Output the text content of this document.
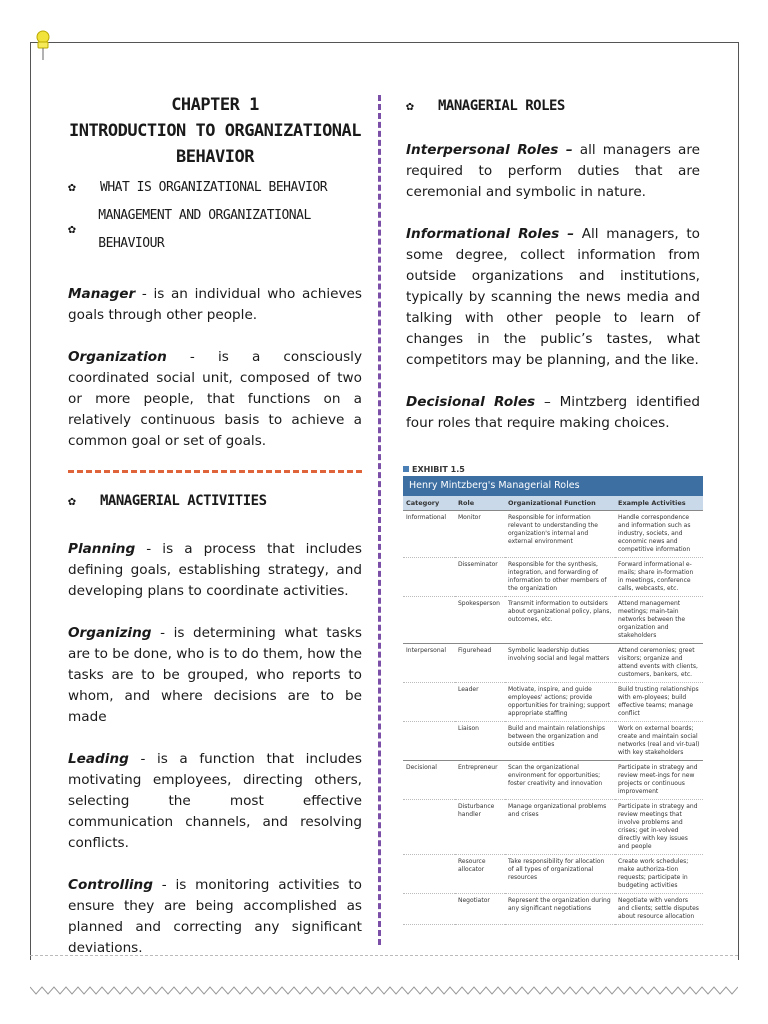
CHAPTER 1
INTRODUCTION TO ORGANIZATIONAL
BEHAVIOR
✿	WHAT IS ORGANIZATIONAL BEHAVIOR
✿
MANAGEMENT AND ORGANIZATIONAL BEHAVIOUR

Manager - is an individual who achieves goals through other people.

Organization - is a consciously coordinated social unit, composed of two or more people, that functions on a relatively continuous basis to achieve a common goal or set of goals.

✿	MANAGERIAL ACTIVITIES

Planning - is a process that includes defining goals, establishing strategy, and developing plans to coordinate activities.

Organizing - is determining what tasks are to be done, who is to do them, how the tasks are to be grouped, who reports to whom, and where decisions are to be made

Leading - is a function that includes motivating employees, directing others, selecting the most effective communication channels, and resolving conflicts.

Controlling - is monitoring activities to ensure they are being accomplished as planned and correcting any significant deviations.

✿	MANAGERIAL ROLES

Interpersonal Roles – all managers are required to perform duties that are ceremonial and symbolic in nature.

Informational Roles – All managers, to some degree, collect information from outside organizations and institutions, typically by scanning the news media and talking with other people to learn of changes in the public’s tastes, what competitors may be planning, and the like.

Decisional Roles – Mintzberg identified four roles that require making choices.

EXHIBIT 1.5
Henry Mintzberg's Managerial Roles
Category	Role	Organizational Function	Example Activities
Informational	Monitor	Responsible for information relevant to understanding the organization's internal and external environment	Handle correspondence and information such as industry, societs, and economic news and competitive information
	Disseminator	Responsible for the synthesis, integration, and forwarding of information to other members of the organization	Forward informational e-mails; share in-formation in meetings, conference calls, webcasts, etc.
	Spokesperson	Transmit information to outsiders about organizational policy, plans, outcomes, etc.	Attend management meetings; main-tain networks between the organization and stakeholders
Interpersonal	Figurehead	Symbolic leadership duties involving social and legal matters	Attend ceremonies; greet visitors; organize and attend events with clients, customers, bankers, etc.
	Leader	Motivate, inspire, and guide employees' actions; provide opportunities for training; support appropriate staffing	Build trusting relationships with em-ployees; build effective teams; manage conflict
	Liaison	Build and maintain relationships between the organization and outside entities	Work on external boards; create and maintain social networks (real and vir-tual) with key stakeholders
Decisional	Entrepreneur	Scan the organizational environment for opportunities; foster creativity and innovation	Participate in strategy and review meet-ings for new projects or continuous improvement
	Disturbance handler	Manage organizational problems and crises	Participate in strategy and review meetings that involve problems and crises; get in-volved directly with key issues and people
	Resource allocator	Take responsibility for allocation of all types of organizational resources	Create work schedules; make authoriza-tion requests; participate in budgeting activities
	Negotiator	Represent the organization during any significant negotiations	Negotiate with vendors and clients; settle disputes about resource allocation
